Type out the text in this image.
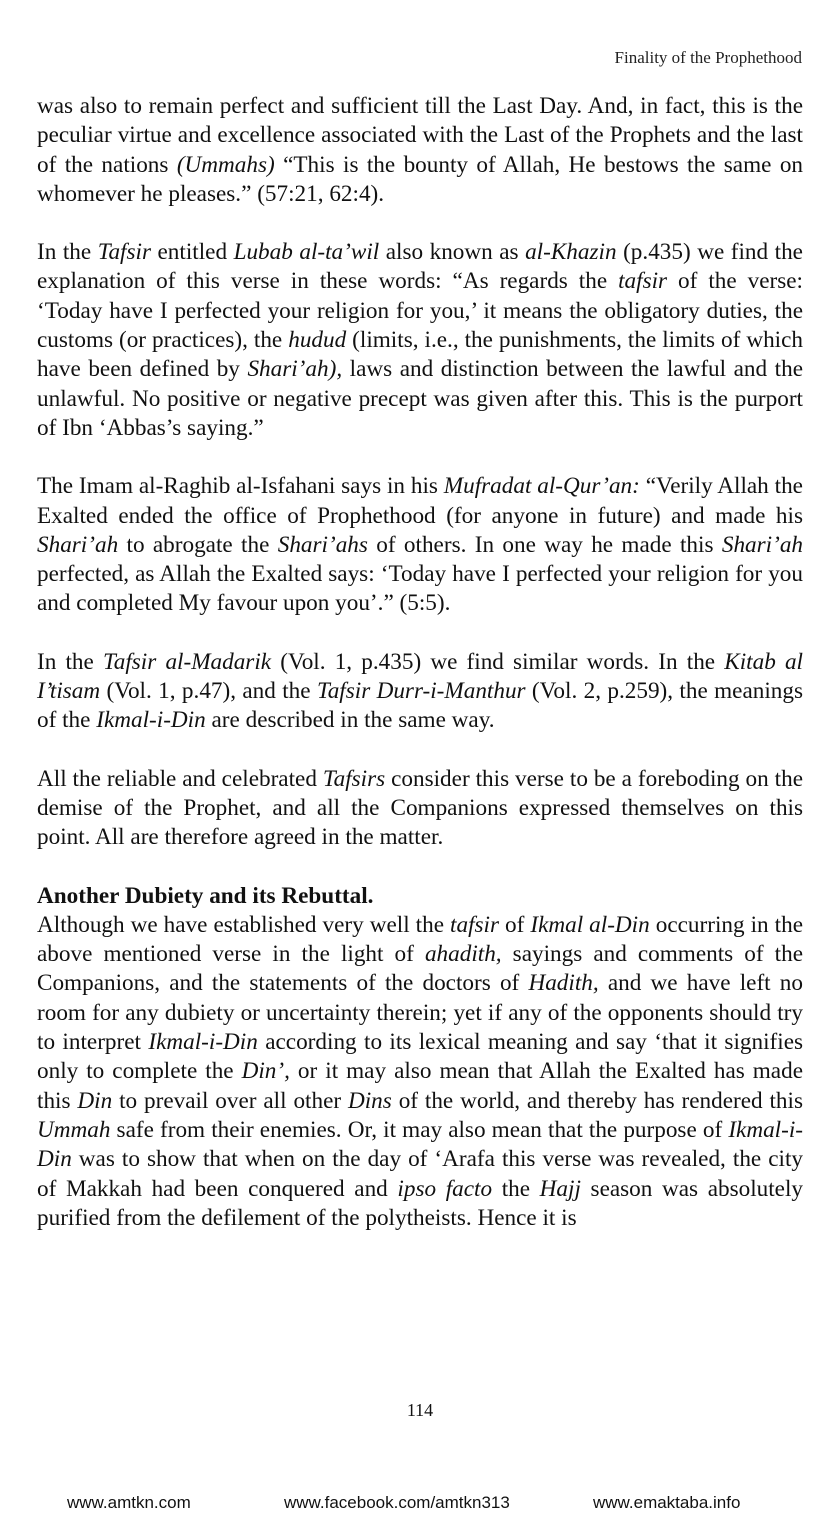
Finality of the Prophethood

was also to remain perfect and sufficient till the Last Day. And, in fact, this is the peculiar virtue and excellence associated with the Last of the Prophets and the last of the nations (Ummahs) “This is the bounty of Allah, He bestows the same on whomever he pleases.” (57:21, 62:4).

In the Tafsir entitled Lubab al-ta’wil also known as al-Khazin (p.435) we find the explanation of this verse in these words: “As regards the tafsir of the verse: ‘Today have I perfected your religion for you,’ it means the obligatory duties, the customs (or practices), the hudud (limits, i.e., the punishments, the limits of which have been defined by Shari’ah), laws and distinction between the lawful and the unlawful. No positive or negative precept was given after this. This is the purport of Ibn ‘Abbas’s saying.”

The Imam al-Raghib al-Isfahani says in his Mufradat al-Qur’an: “Verily Allah the Exalted ended the office of Prophethood (for anyone in future) and made his Shari’ah to abrogate the Shari’ahs of others. In one way he made this Shari’ah perfected, as Allah the Exalted says: ‘Today have I perfected your religion for you and completed My favour upon you’.” (5:5).

In the Tafsir al-Madarik (Vol. 1, p.435) we find similar words. In the Kitab al I’tisam (Vol. 1, p.47), and the Tafsir Durr-i-Manthur (Vol. 2, p.259), the meanings of the Ikmal-i-Din are described in the same way.

All the reliable and celebrated Tafsirs consider this verse to be a foreboding on the demise of the Prophet, and all the Companions expressed themselves on this point. All are therefore agreed in the matter.

Another Dubiety and its Rebuttal.

Although we have established very well the tafsir of Ikmal al-Din occurring in the above mentioned verse in the light of ahadith, sayings and comments of the Companions, and the statements of the doctors of Hadith, and we have left no room for any dubiety or uncertainty therein; yet if any of the opponents should try to interpret Ikmal-i-Din according to its lexical meaning and say ‘that it signifies only to complete the Din’, or it may also mean that Allah the Exalted has made this Din to prevail over all other Dins of the world, and thereby has rendered this Ummah safe from their enemies. Or, it may also mean that the purpose of Ikmal-i-Din was to show that when on the day of ‘Arafa this verse was revealed, the city of Makkah had been conquered and ipso facto the Hajj season was absolutely purified from the defilement of the polytheists. Hence it is

114
www.amtkn.com	www.facebook.com/amtkn313	www.emaktaba.info
